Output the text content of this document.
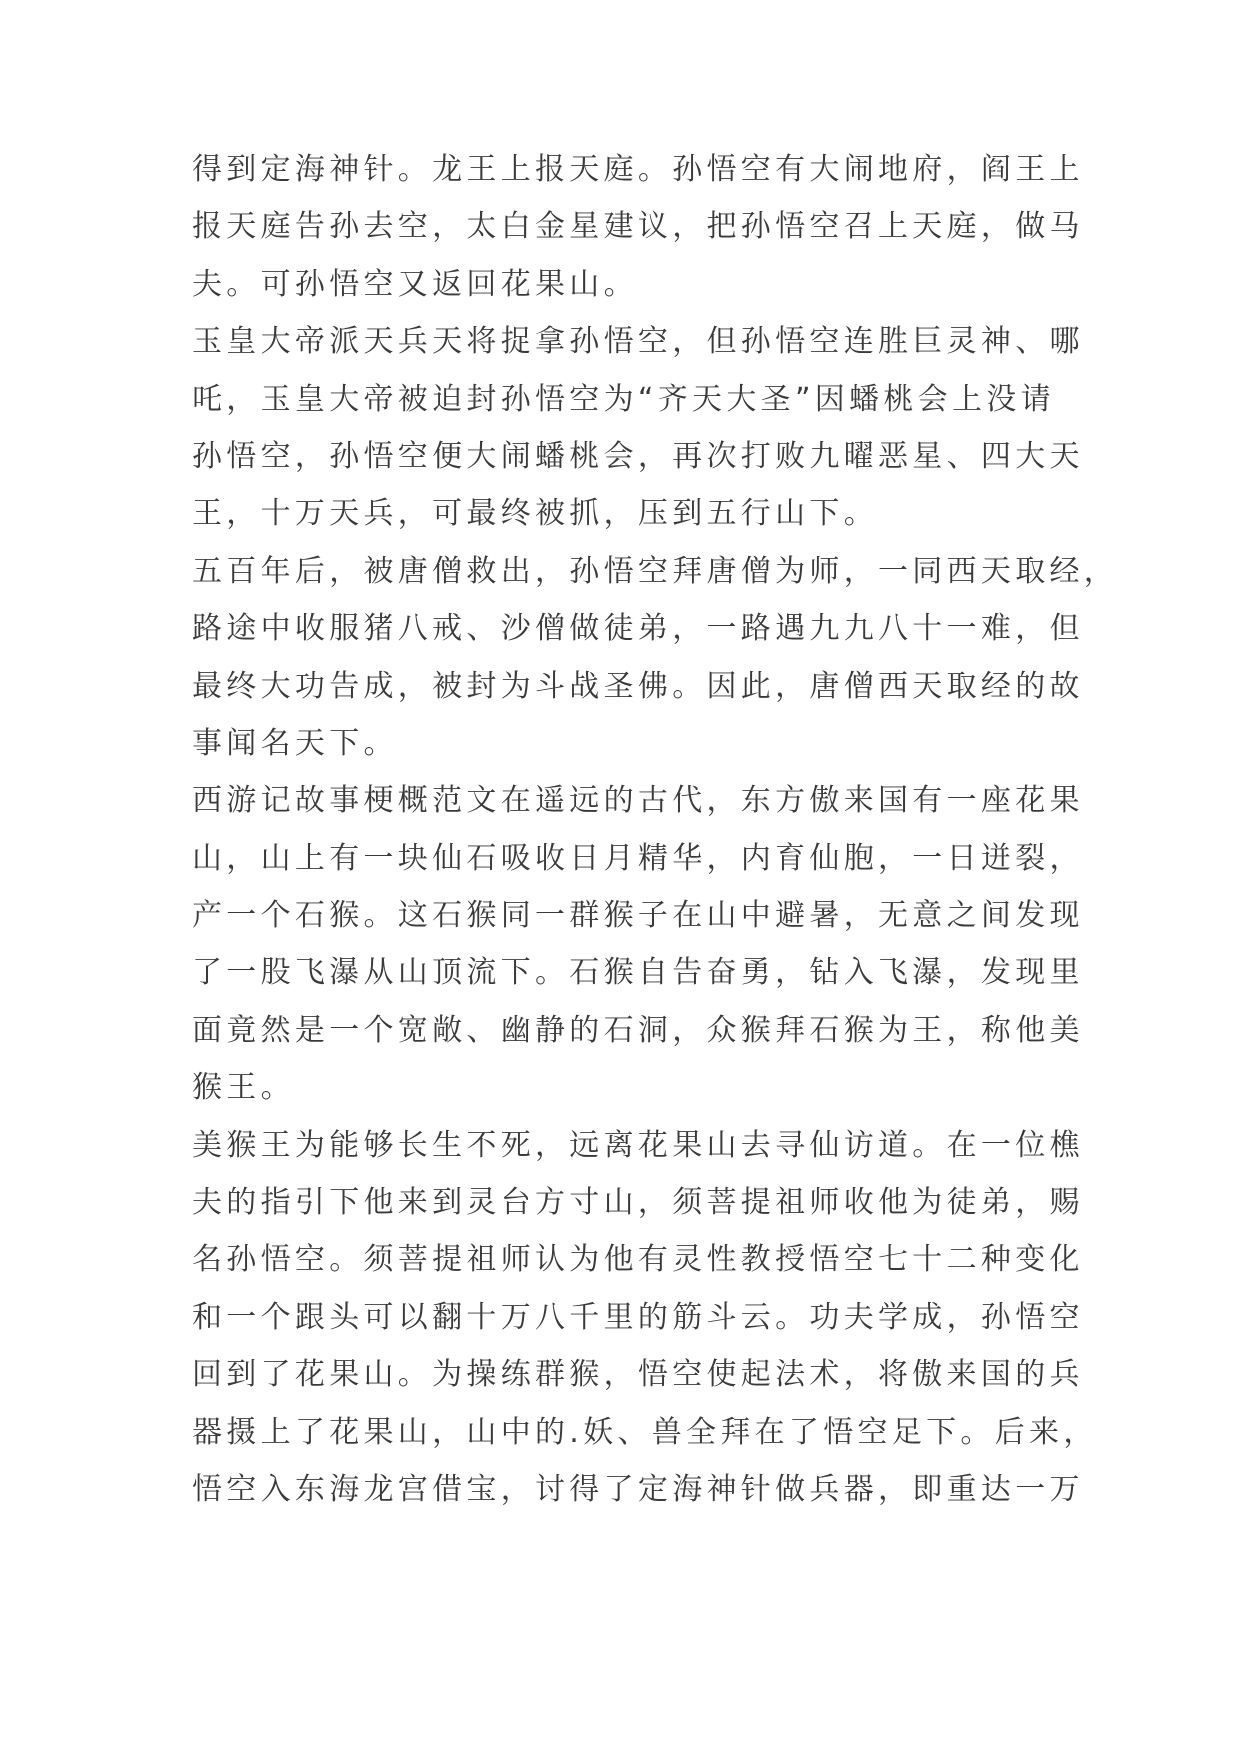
得到定海神针。龙王上报天庭。孙悟空有大闹地府，阎王上
报天庭告孙去空，太白金星建议，把孙悟空召上天庭，做马
夫。可孙悟空又返回花果山。
玉皇大帝派天兵天将捉拿孙悟空，但孙悟空连胜巨灵神、哪
吒，玉皇大帝被迫封孙悟空为“齐天大圣”因蟠桃会上没请
孙悟空，孙悟空便大闹蟠桃会，再次打败九曜恶星、四大天
王，十万天兵，可最终被抓，压到五行山下。
五百年后，被唐僧救出，孙悟空拜唐僧为师，一同西天取经，
路途中收服猪八戒、沙僧做徒弟，一路遇九九八十一难，但
最终大功告成，被封为斗战圣佛。因此，唐僧西天取经的故
事闻名天下。
西游记故事梗概范文在遥远的古代，东方傲来国有一座花果
山，山上有一块仙石吸收日月精华，内育仙胞，一日迸裂，
产一个石猴。这石猴同一群猴子在山中避暑，无意之间发现
了一股飞瀑从山顶流下。石猴自告奋勇，钻入飞瀑，发现里
面竟然是一个宽敞、幽静的石洞，众猴拜石猴为王，称他美
猴王。
美猴王为能够长生不死，远离花果山去寻仙访道。在一位樵
夫的指引下他来到灵台方寸山，须菩提祖师收他为徒弟，赐
名孙悟空。须菩提祖师认为他有灵性教授悟空七十二种变化
和一个跟头可以翻十万八千里的筋斗云。功夫学成，孙悟空
回到了花果山。为操练群猴，悟空使起法术，将傲来国的兵
器摄上了花果山，山中的.妖、兽全拜在了悟空足下。后来，
悟空入东海龙宫借宝，讨得了定海神针做兵器，即重达一万
